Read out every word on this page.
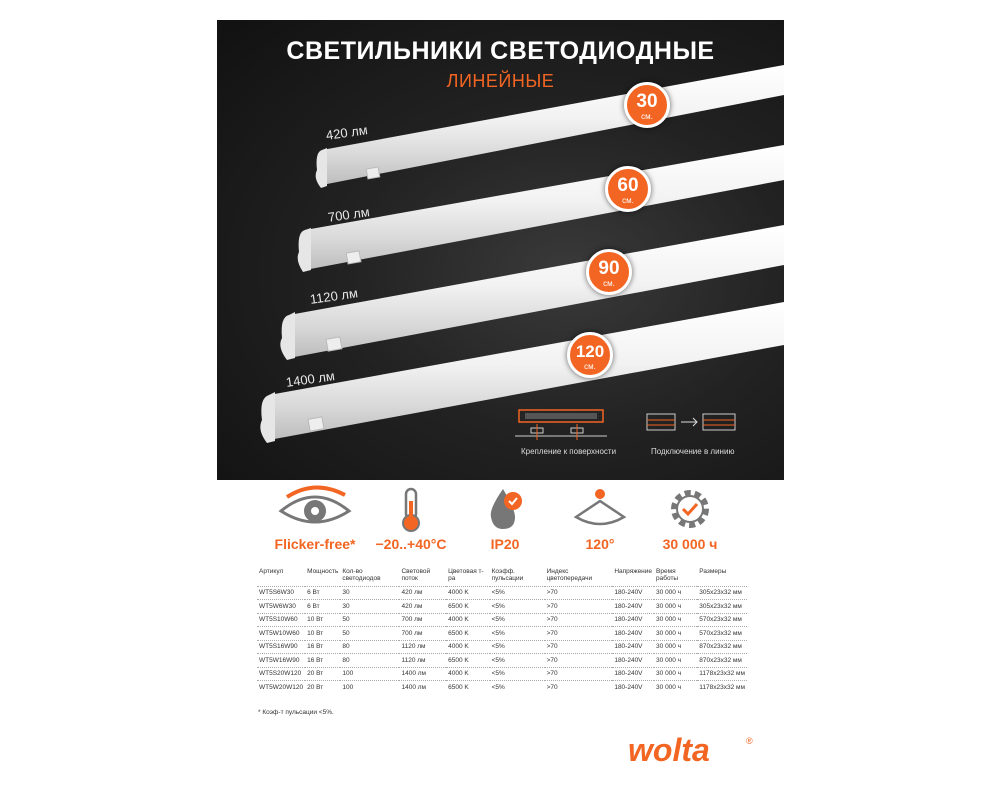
СВЕТИЛЬНИКИ СВЕТОДИОДНЫЕ
ЛИНЕЙНЫЕ
420 лм
700 лм
1120 лм
1400 лм
30
см.
60
см.
90
см.
120
см.
Крепление к поверхности	Подключение в линию
Flicker-free*	−20..+40°C	IP20	120°	30 000 ч
Артикул	Мощность	Кол-во светодиодов	Световой поток	Цветовая т-ра	Коэфф. пульсации	Индекс цветопередачи	Напряжение	Время работы	Размеры
WT5S6W30	6 Вт	30	420 лм	4000 K	<5%	>70	180-240V	30 000 ч	305x23x32 мм
WT5W6W30	6 Вт	30	420 лм	6500 K	<5%	>70	180-240V	30 000 ч	305x23x32 мм
WT5S10W60	10 Вт	50	700 лм	4000 K	<5%	>70	180-240V	30 000 ч	570x23x32 мм
WT5W10W60	10 Вт	50	700 лм	6500 K	<5%	>70	180-240V	30 000 ч	570x23x32 мм
WT5S16W90	16 Вт	80	1120 лм	4000 K	<5%	>70	180-240V	30 000 ч	870x23x32 мм
WT5W16W90	16 Вт	80	1120 лм	6500 K	<5%	>70	180-240V	30 000 ч	870x23x32 мм
WT5S20W120	20 Вт	100	1400 лм	4000 K	<5%	>70	180-240V	30 000 ч	1178x23x32 мм
WT5W20W120	20 Вт	100	1400 лм	6500 K	<5%	>70	180-240V	30 000 ч	1178x23x32 мм
* Коэф-т пульсации <5%.
wolta	®
